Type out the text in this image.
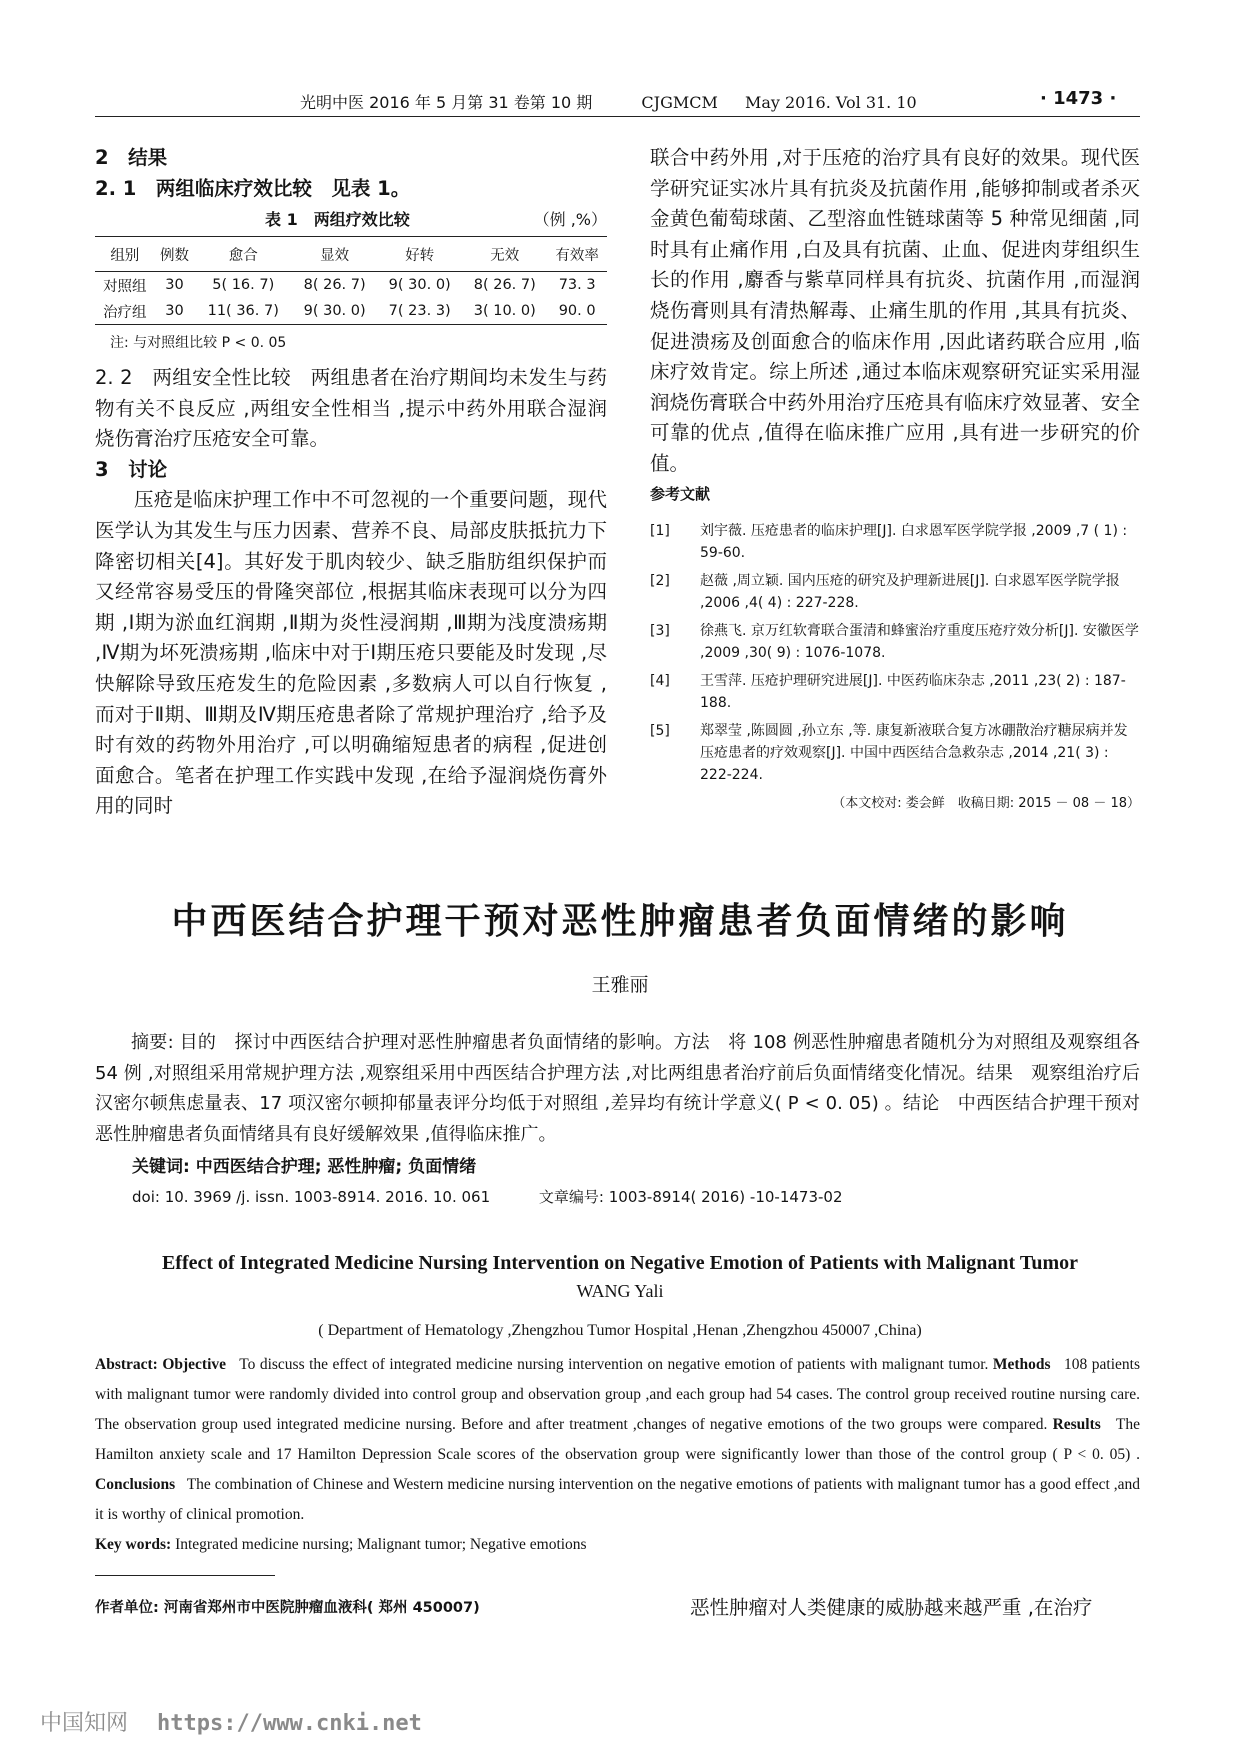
光明中医 2016 年 5 月第 31 卷第 10 期	CJGMCM May 2016. Vol 31. 10	· 1473 ·

2　结果

2. 1　两组临床疗效比较　见表 1。

表 1　两组疗效比较	（例 ,%）
组别	例数	愈合	显效	好转	无效	有效率
对照组	30	5( 16. 7)	8( 26. 7)	9( 30. 0)	8( 26. 7)	73. 3
治疗组	30	11( 36. 7)	9( 30. 0)	7( 23. 3)	3( 10. 0)	90. 0
注: 与对照组比较 P < 0. 05

2. 2　两组安全性比较　两组患者在治疗期间均未发生与药物有关不良反应 ,两组安全性相当 ,提示中药外用联合湿润烧伤膏治疗压疮安全可靠。

3　讨论

压疮是临床护理工作中不可忽视的一个重要问题，现代医学认为其发生与压力因素、营养不良、局部皮肤抵抗力下降密切相关[4]。其好发于肌肉较少、缺乏脂肪组织保护而又经常容易受压的骨隆突部位 ,根据其临床表现可以分为四期 ,Ⅰ期为淤血红润期 ,Ⅱ期为炎性浸润期 ,Ⅲ期为浅度溃疡期 ,Ⅳ期为坏死溃疡期 ,临床中对于Ⅰ期压疮只要能及时发现 ,尽快解除导致压疮发生的危险因素 ,多数病人可以自行恢复 ,而对于Ⅱ期、Ⅲ期及Ⅳ期压疮患者除了常规护理治疗 ,给予及时有效的药物外用治疗 ,可以明确缩短患者的病程 ,促进创面愈合。笔者在护理工作实践中发现 ,在给予湿润烧伤膏外用的同时

联合中药外用 ,对于压疮的治疗具有良好的效果。现代医学研究证实冰片具有抗炎及抗菌作用 ,能够抑制或者杀灭金黄色葡萄球菌、乙型溶血性链球菌等 5 种常见细菌 ,同时具有止痛作用 ,白及具有抗菌、止血、促进肉芽组织生长的作用 ,麝香与紫草同样具有抗炎、抗菌作用 ,而湿润烧伤膏则具有清热解毒、止痛生肌的作用 ,其具有抗炎、促进溃疡及创面愈合的临床作用 ,因此诸药联合应用 ,临床疗效肯定。综上所述 ,通过本临床观察研究证实采用湿润烧伤膏联合中药外用治疗压疮具有临床疗效显著、安全可靠的优点 ,值得在临床推广应用 ,具有进一步研究的价值。

参考文献

[1]	刘宇薇. 压疮患者的临床护理[J]. 白求恩军医学院学报 ,2009 ,7 ( 1) : 59-60.
[2]	赵薇 ,周立颖. 国内压疮的研究及护理新进展[J]. 白求恩军医学院学报 ,2006 ,4( 4) : 227-228.
[3]	徐燕飞. 京万红软膏联合蛋清和蜂蜜治疗重度压疮疗效分析[J]. 安徽医学 ,2009 ,30( 9) : 1076-1078.
[4]	王雪萍. 压疮护理研究进展[J]. 中医药临床杂志 ,2011 ,23( 2) : 187-188.
[5]	郑翠莹 ,陈圆圆 ,孙立东 ,等. 康复新液联合复方冰硼散治疗糖尿病并发压疮患者的疗效观察[J]. 中国中西医结合急救杂志 ,2014 ,21( 3) : 222-224.
（本文校对: 娄会鲜　收稿日期: 2015 － 08 － 18）
中西医结合护理干预对恶性肿瘤患者负面情绪的影响
王雅丽
摘要: 目的　探讨中西医结合护理对恶性肿瘤患者负面情绪的影响。方法　将 108 例恶性肿瘤患者随机分为对照组及观察组各 54 例 ,对照组采用常规护理方法 ,观察组采用中西医结合护理方法 ,对比两组患者治疗前后负面情绪变化情况。结果　观察组治疗后汉密尔顿焦虑量表、17 项汉密尔顿抑郁量表评分均低于对照组 ,差异均有统计学意义( P < 0. 05) 。结论　中西医结合护理干预对恶性肿瘤患者负面情绪具有良好缓解效果 ,值得临床推广。
关键词: 中西医结合护理; 恶性肿瘤; 负面情绪
doi: 10. 3969 /j. issn. 1003-8914. 2016. 10. 061	文章编号: 1003-8914( 2016) -10-1473-02
Effect of Integrated Medicine Nursing Intervention on Negative Emotion of Patients with Malignant Tumor
WANG Yali
( Department of Hematology ,Zhengzhou Tumor Hospital ,Henan ,Zhengzhou 450007 ,China)
Abstract: Objective To discuss the effect of integrated medicine nursing intervention on negative emotion of patients with malignant tumor. Methods 108 patients with malignant tumor were randomly divided into control group and observation group ,and each group had 54 cases. The control group received routine nursing care. The observation group used integrated medicine nursing. Before and after treatment ,changes of negative emotions of the two groups were compared. Results The Hamilton anxiety scale and 17 Hamilton Depression Scale scores of the observation group were significantly lower than those of the control group ( P < 0. 05) . Conclusions The combination of Chinese and Western medicine nursing intervention on the negative emotions of patients with malignant tumor has a good effect ,and it is worthy of clinical promotion.
Key words: Integrated medicine nursing; Malignant tumor; Negative emotions
作者单位: 河南省郑州市中医院肿瘤血液科( 郑州 450007)	恶性肿瘤对人类健康的威胁越来越严重 ,在治疗
中国知网 https://www.cnki.net
